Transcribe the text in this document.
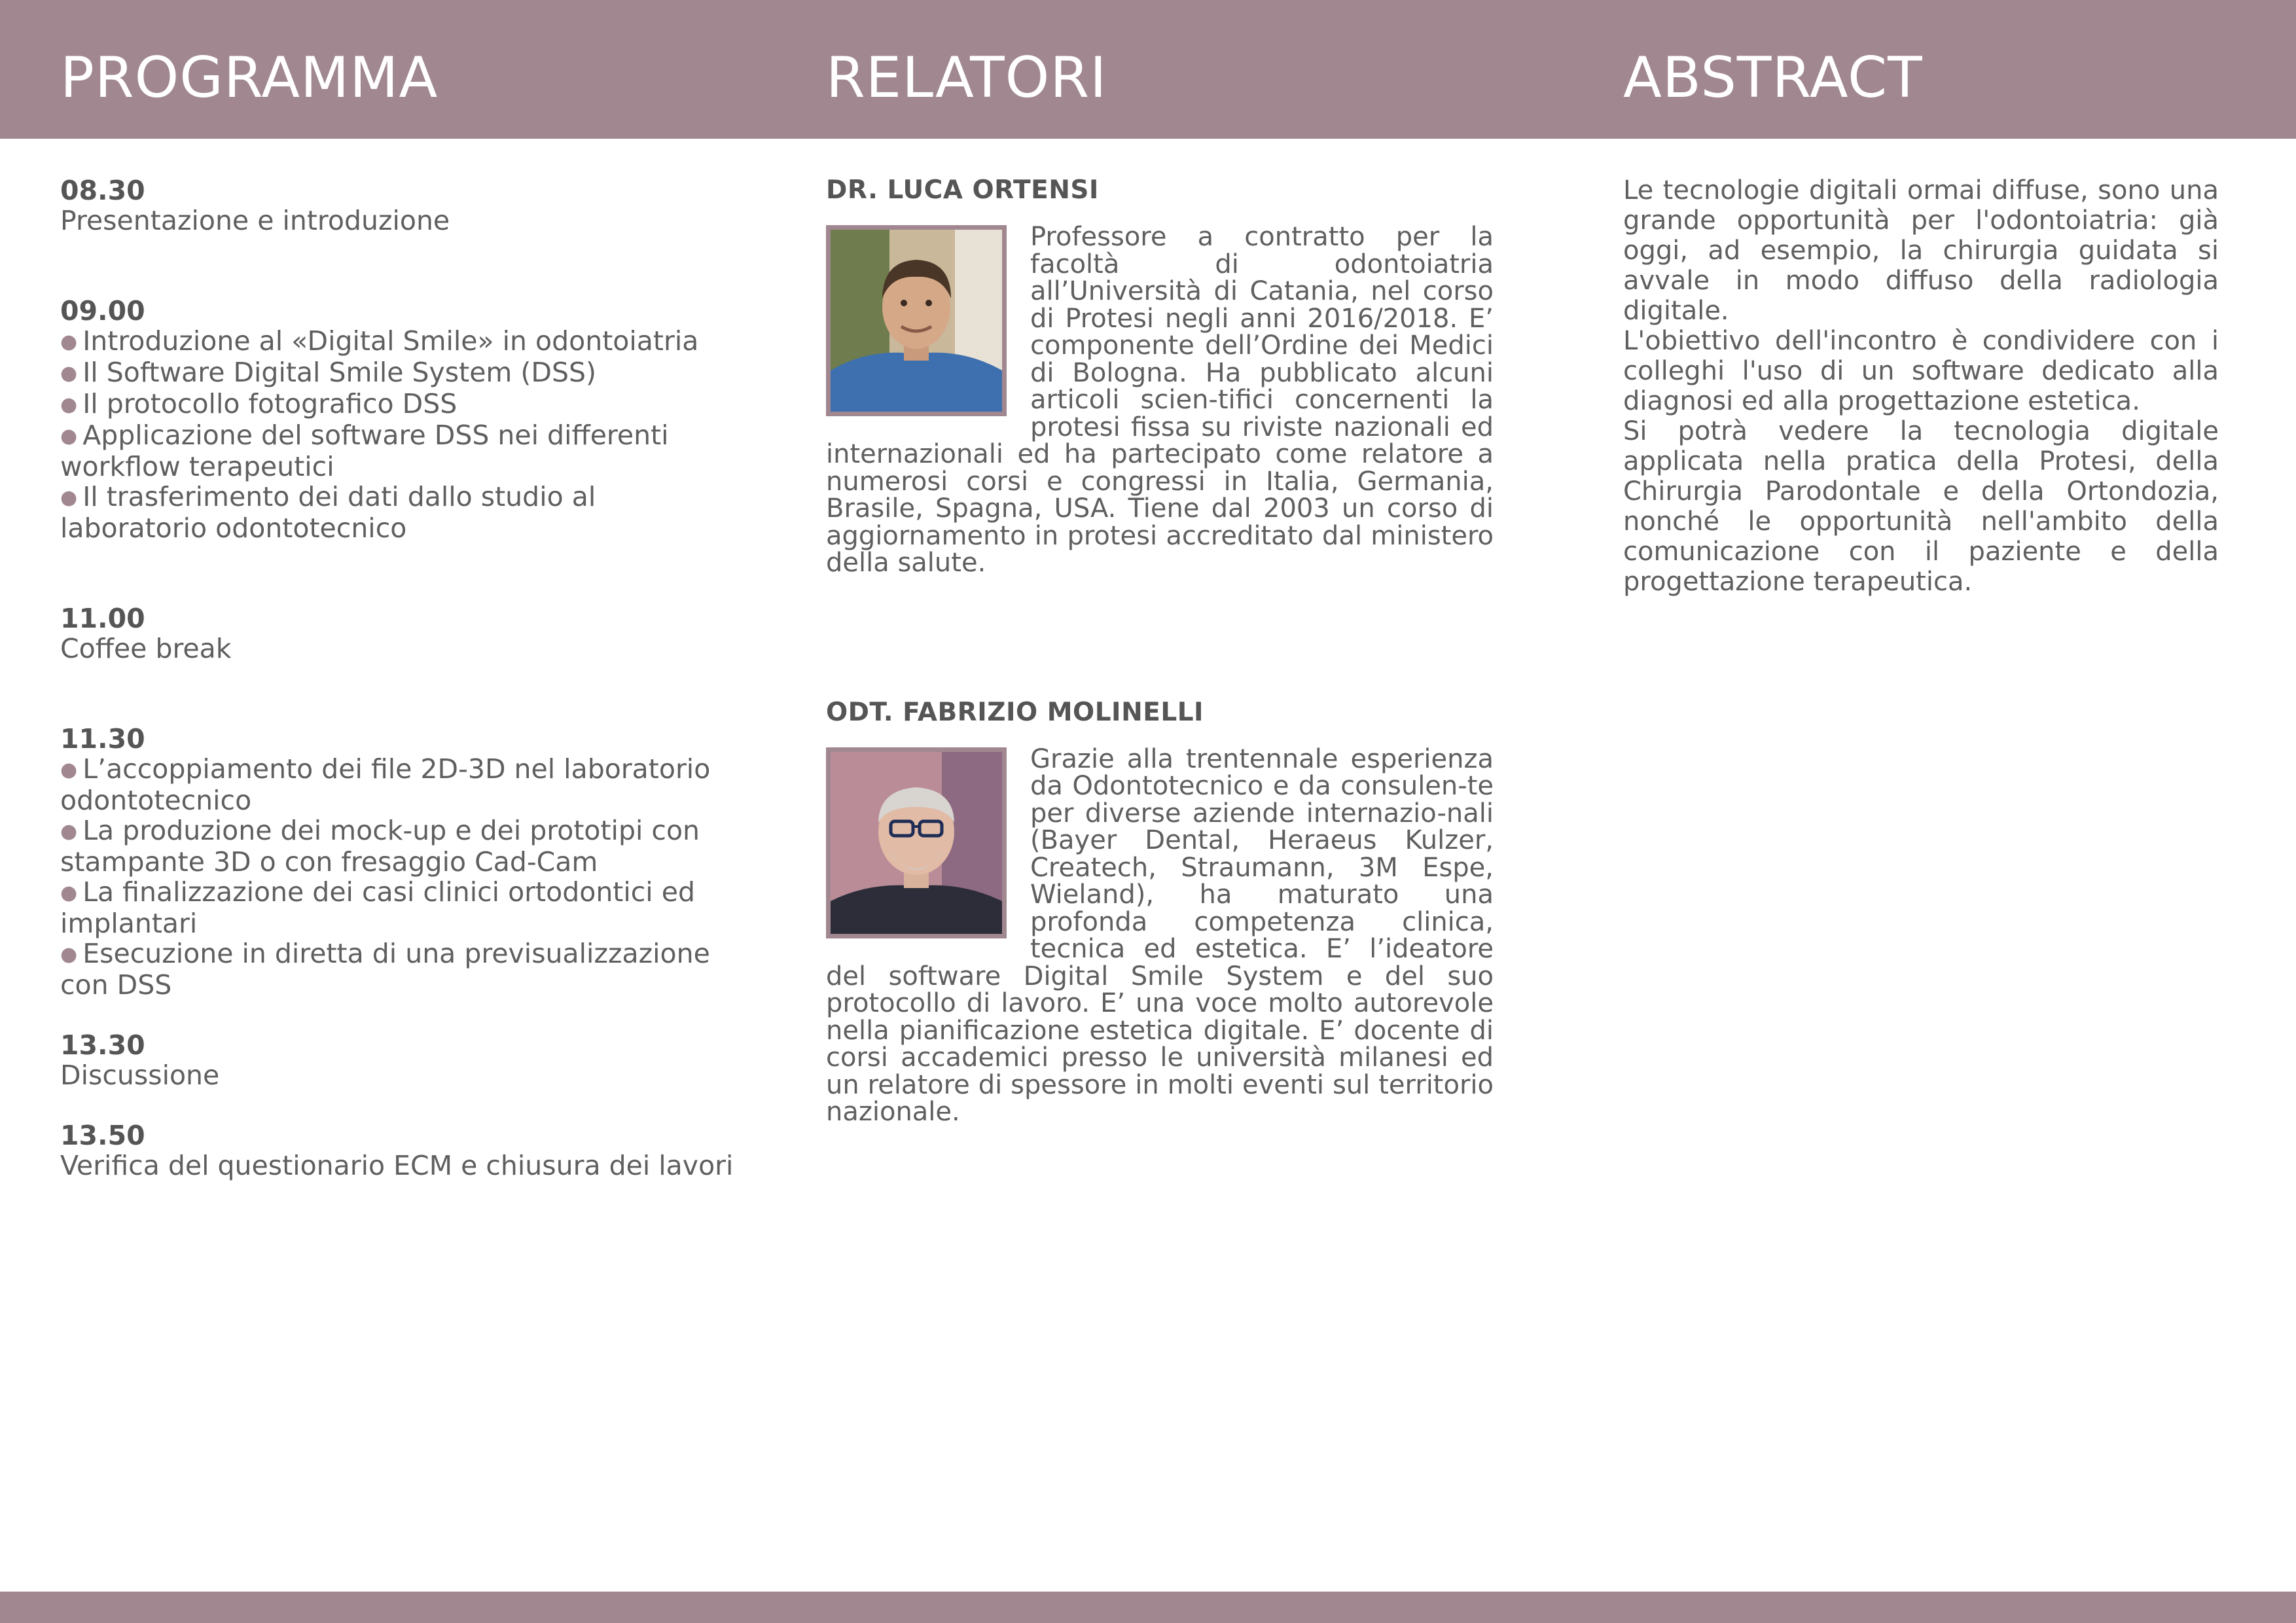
PROGRAMMA	RELATORI	ABSTRACT
08.30
Presentazione e introduzione
09.00
● Introduzione al «Digital Smile» in odontoiatria
● Il Software Digital Smile System (DSS)
● Il protocollo fotografico DSS
● Applicazione del software DSS nei differenti workflow terapeutici
● Il trasferimento dei dati dallo studio al laboratorio odontotecnico
11.00
Coffee break
11.30
● L’accoppiamento dei file 2D-3D nel laboratorio odontotecnico
● La produzione dei mock-up e dei prototipi con stampante 3D o con fresaggio Cad-Cam
● La finalizzazione dei casi clinici ortodontici ed implantari
● Esecuzione in diretta di una previsualizzazione con DSS
13.30
Discussione
13.50
Verifica del questionario ECM e chiusura dei lavori
DR. LUCA ORTENSI
Professore a contratto per la facoltà di odontoiatria all’Università di Catania, nel corso di Protesi negli anni 2016/2018. E’ componente dell’Ordine dei Medici di Bologna. Ha pubblicato alcuni articoli scien-tifici concernenti la protesi fissa su riviste nazionali ed internazionali ed ha partecipato come relatore a numerosi corsi e congressi in Italia, Germania, Brasile, Spagna, USA. Tiene dal 2003 un corso di aggiornamento in protesi accreditato dal ministero della salute.
ODT. FABRIZIO MOLINELLI
Grazie alla trentennale esperienza da Odontotecnico e da consulen-te per diverse aziende internazio-nali (Bayer Dental, Heraeus Kulzer, Createch, Straumann, 3M Espe, Wieland), ha maturato una profonda competenza clinica, tecnica ed estetica. E’ l’ideatore del software Digital Smile System e del suo protocollo di lavoro. E’ una voce molto autorevole nella pianificazione estetica digitale. E’ docente di corsi accademici presso le università milanesi ed un relatore di spessore in molti eventi sul territorio nazionale.

Le tecnologie digitali ormai diffuse, sono una grande opportunità per l'odontoiatria: già oggi, ad esempio, la chirurgia guidata si avvale in modo diffuso della radiologia digitale.

L'obiettivo dell'incontro è condividere con i colleghi l'uso di un software dedicato alla diagnosi ed alla progettazione estetica.

Si potrà vedere la tecnologia digitale applicata nella pratica della Protesi, della Chirurgia Parodontale e della Ortondozia, nonché le opportunità nell'ambito della comunicazione con il paziente e della progettazione terapeutica.
